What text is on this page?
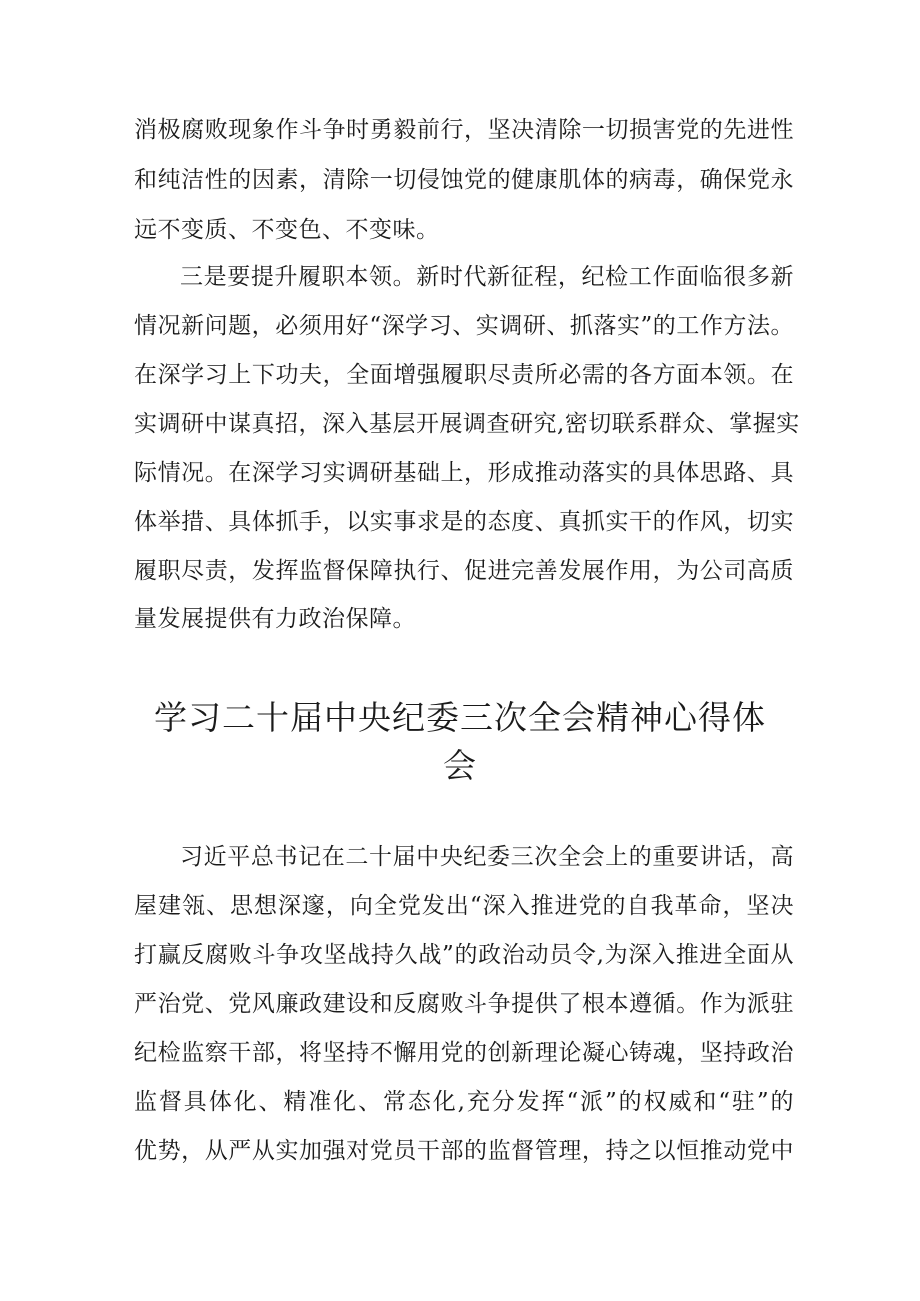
消极腐败现象作斗争时勇毅前行，坚决清除一切损害党的先进性
和纯洁性的因素，清除一切侵蚀党的健康肌体的病毒，确保党永
远不变质、不变色、不变味。
三是要提升履职本领。新时代新征程，纪检工作面临很多新
情况新问题，必须用好“深学习、实调研、抓落实”的工作方法。
在深学习上下功夫，全面增强履职尽责所必需的各方面本领。在
实调研中谋真招，深入基层开展调查研究,密切联系群众、掌握实
际情况。在深学习实调研基础上，形成推动落实的具体思路、具
体举措、具体抓手，以实事求是的态度、真抓实干的作风，切实
履职尽责，发挥监督保障执行、促进完善发展作用，为公司高质
量发展提供有力政治保障。
学习二十届中央纪委三次全会精神心得体
会
习近平总书记在二十届中央纪委三次全会上的重要讲话，高
屋建瓴、思想深邃，向全党发出“深入推进党的自我革命，坚决
打赢反腐败斗争攻坚战持久战”的政治动员令,为深入推进全面从
严治党、党风廉政建设和反腐败斗争提供了根本遵循。作为派驻
纪检监察干部，将坚持不懈用党的创新理论凝心铸魂，坚持政治
监督具体化、精准化、常态化,充分发挥“派”的权威和“驻”的
优势，从严从实加强对党员干部的监督管理，持之以恒推动党中
